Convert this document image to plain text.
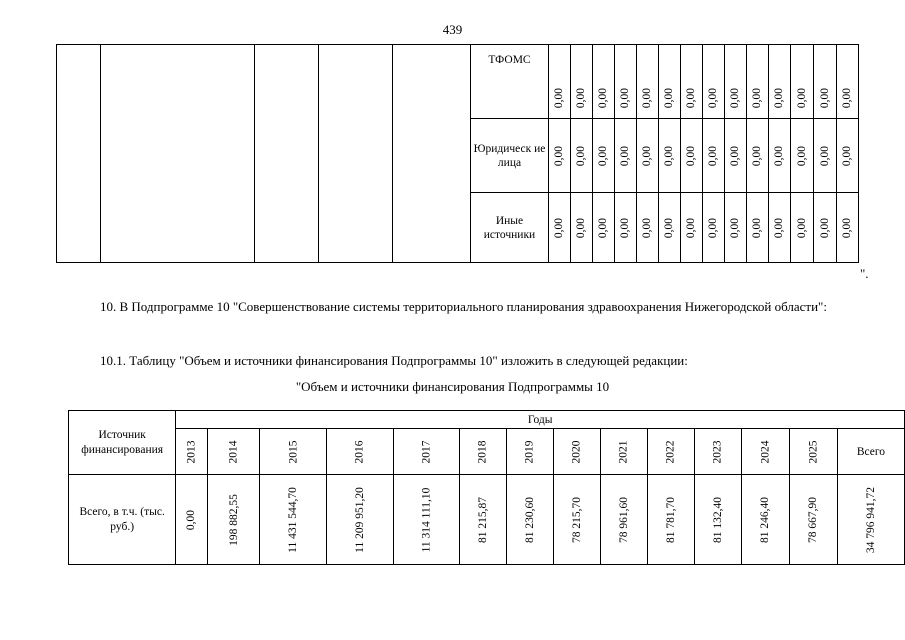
439
					ТФОМС	0,00	0,00	0,00	0,00	0,00	0,00	0,00	0,00	0,00	0,00	0,00	0,00	0,00	0,00
					Юридическ ие лица	0,00	0,00	0,00	0,00	0,00	0,00	0,00	0,00	0,00	0,00	0,00	0,00	0,00	0,00
					Иные источники	0,00	0,00	0,00	0,00	0,00	0,00	0,00	0,00	0,00	0,00	0,00	0,00	0,00	0,00
".
10. В Подпрограмме 10 "Совершенствование системы территориального планирования здравоохранения Нижегородской области":
10.1. Таблицу "Объем и источники финансирования Подпрограммы 10" изложить в следующей редакции:
"Объем и источники финансирования Подпрограммы 10
Источник финансирования	Годы													
	2013	2014	2015	2016	2017	2018	2019	2020	2021	2022	2023	2024	2025	Всего
Всего, в т.ч. (тыс. руб.)	0,00	198 882,55	11 431 544,70	11 209 951,20	11 314 111,10	81 215,87	81 230,60	78 215,70	78 961,60	81 781,70	81 132,40	81 246,40	78 667,90	34 796 941,72
